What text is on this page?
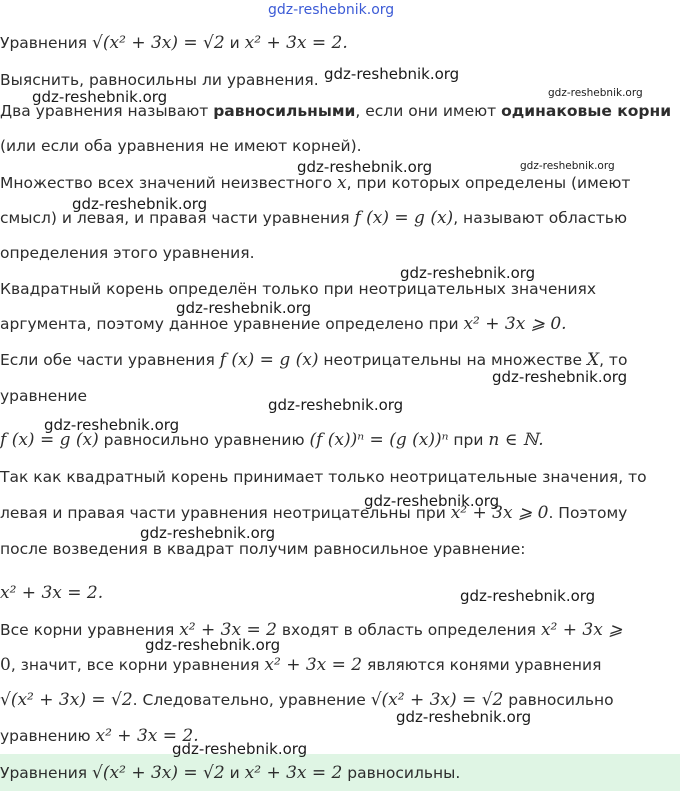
gdz-reshebnik.org
Уравнения √(x² + 3x) = √2 и x² + 3x = 2.
Выяснить, равносильны ли уравнения.
Два уравнения называют равносильными, если они имеют одинаковые корни
(или если оба уравнения не имеют корней).
Множество всех значений неизвестного x, при которых определены (имеют
смысл) и левая, и правая части уравнения f (x) = g (x), называют областью
определения этого уравнения.
Квадратный корень определён только при неотрицательных значениях
аргумента, поэтому данное уравнение определено при x² + 3x ⩾ 0.
Если обе части уравнения f (x) = g (x) неотрицательны на множестве X, то
уравнение
f (x) = g (x) равносильно уравнению (f (x))ⁿ = (g (x))ⁿ при n ∈ ℕ.
Так как квадратный корень принимает только неотрицательные значения, то
левая и правая части уравнения неотрицательны при x² + 3x ⩾ 0. Поэтому
после возведения в квадрат получим равносильное уравнение:
x² + 3x = 2.
Все корни уравнения x² + 3x = 2 входят в область определения x² + 3x ⩾
0, значит, все корни уравнения x² + 3x = 2 являются конями уравнения
√(x² + 3x) = √2. Следовательно, уравнение √(x² + 3x) = √2 равносильно
уравнению x² + 3x = 2.
Уравнения √(x² + 3x) = √2 и x² + 3x = 2 равносильны.
gdz-reshebnik.org
gdz-reshebnik.org
gdz-reshebnik.org
gdz-reshebnik.org	gdz-reshebnik.org
gdz-reshebnik.org
gdz-reshebnik.org
gdz-reshebnik.org
gdz-reshebnik.org
gdz-reshebnik.org
gdz-reshebnik.org
gdz-reshebnik.org
gdz-reshebnik.org
gdz-reshebnik.org
gdz-reshebnik.org
gdz-reshebnik.org
gdz-reshebnik.org
